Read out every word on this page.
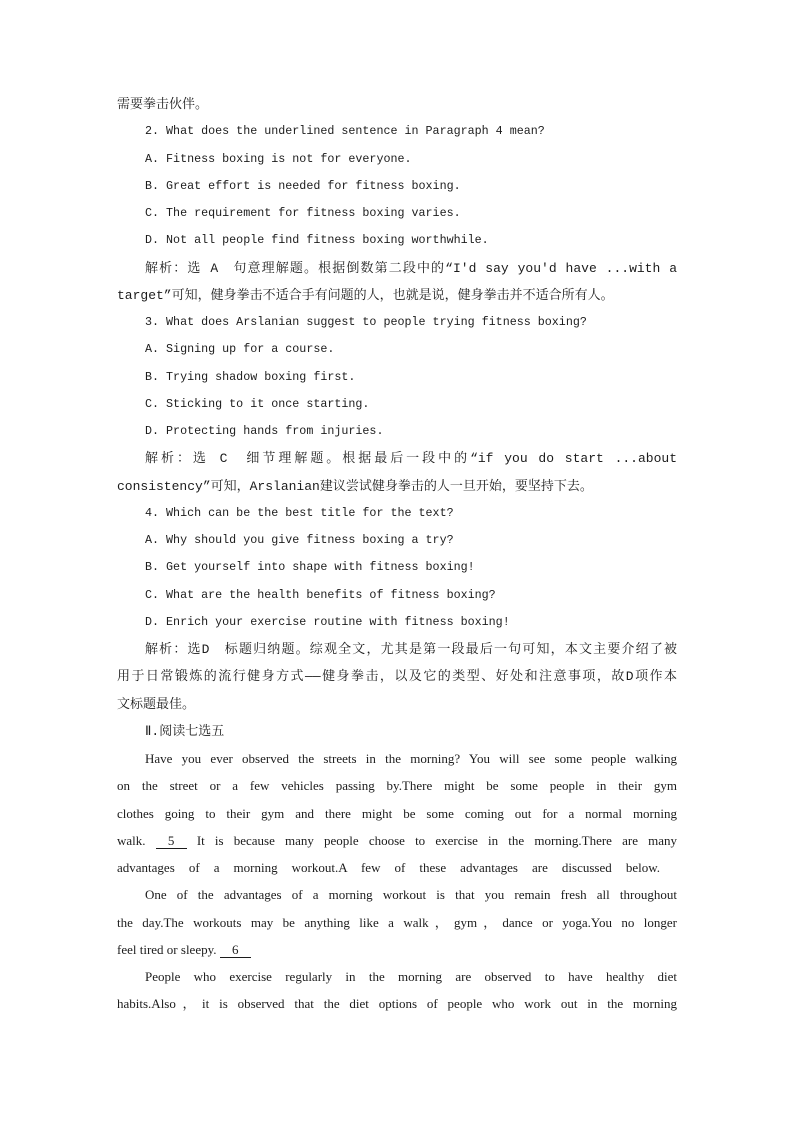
需要拳击伙伴。
2. What does the underlined sentence in Paragraph 4 mean?
A. Fitness boxing is not for everyone.
B. Great effort is needed for fitness boxing.
C. The requirement for fitness boxing varies.
D. Not all people find fitness boxing worthwhile.
解析：选 A　句意理解题。根据倒数第二段中的“I'd say you'd have ...with a
target”可知，健身拳击不适合手有问题的人，也就是说，健身拳击并不适合所有人。
3. What does Arslanian suggest to people trying fitness boxing?
A. Signing up for a course.
B. Trying shadow boxing first.
C. Sticking to it once starting.
D. Protecting hands from injuries.
解析：选 C　细节理解题。根据最后一段中的“if you do start ...about
consistency”可知，Arslanian建议尝试健身拳击的人一旦开始，要坚持下去。
4. Which can be the best title for the text?
A. Why should you give fitness boxing a try?
B. Get yourself into shape with fitness boxing!
C. What are the health benefits of fitness boxing?
D. Enrich your exercise routine with fitness boxing!
解析：选D　标题归纳题。综观全文，尤其是第一段最后一句可知，本文主要介绍了被
用于日常锻炼的流行健身方式——健身拳击，以及它的类型、好处和注意事项，故D项作本
文标题最佳。
Ⅱ.阅读七选五
Have you ever observed the streets in the morning? You will see some people walking
on the street or a few vehicles passing by.There might be some people in their gym
clothes going to their gym and there might be some coming out for a normal morning
walk. 5 It is because many people choose to exercise in the morning.There are many
advantages of a morning workout.A few of these advantages are discussed below.
One of the advantages of a morning workout is that you remain fresh all throughout
the day.The workouts may be anything like a walk，gym，dance or yoga.You no longer
feel tired or sleepy. 6
People who exercise regularly in the morning are observed to have healthy diet
habits.Also，it is observed that the diet options of people who work out in the morning
